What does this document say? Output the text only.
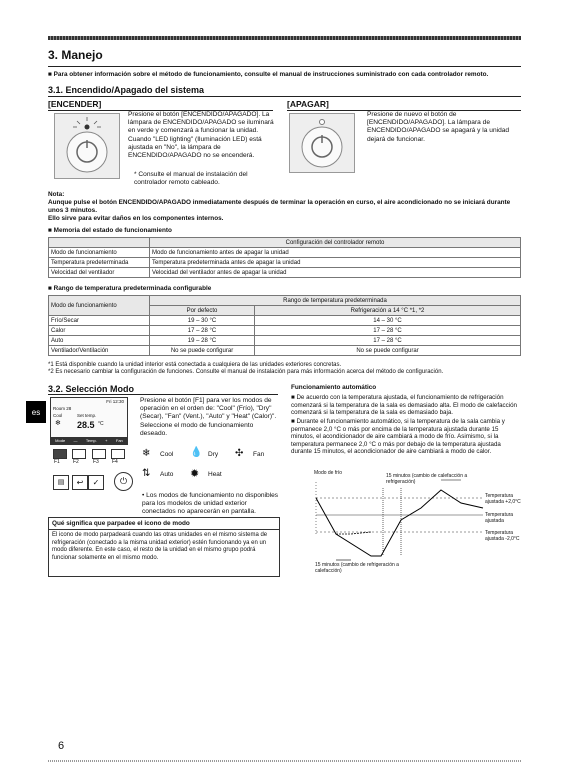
3. Manejo
■ Para obtener información sobre el método de funcionamiento, consulte el manual de instrucciones suministrado con cada controlador remoto.
3.1. Encendido/Apagado del sistema
[ENCENDER]
Presione el botón [ENCENDIDO/APAGADO]. La lámpara de ENCENDIDO/APAGADO se iluminará en verde y comenzará a funcionar la unidad. Cuando "LED lighting" (Iluminación LED) está ajustada en "No", la lámpara de ENCENDIDO/APAGADO no se encenderá.
* Consulte el manual de instalación del controlador remoto cableado.
[APAGAR]
Presione de nuevo el botón de [ENCENDIDO/APAGADO]. La lámpara de ENCENDIDO/APAGADO se apagará y la unidad dejará de funcionar.
Nota:
Aunque pulse el botón ENCENDIDO/APAGADO inmediatamente después de terminar la operación en curso, el aire acondicionado no se iniciará durante unos 3 minutos.
Ello sirve para evitar daños en los componentes internos.
■ Memoria del estado de funcionamiento
	Configuración del controlador remoto
Modo de funcionamiento	Modo de funcionamiento antes de apagar la unidad
Temperatura predeterminada	Temperatura predeterminada antes de apagar la unidad
Velocidad del ventilador	Velocidad del ventilador antes de apagar la unidad
■ Rango de temperatura predeterminada configurable
Modo de funcionamiento	Rango de temperatura predeterminada	
	Por defecto	Refrigeración a 14 °C *1, *2
Frío/Secar	19 – 30 °C	14 – 30 °C
Calor	17 – 28 °C	17 – 28 °C
Auto	19 – 28 °C	17 – 28 °C
Ventilador/Ventilación	No se puede configurar	No se puede configurar
*1 Está disponible cuando la unidad interior está conectada a cualquiera de las unidades exteriores concretas.
*2 Es necesario cambiar la configuración de funciones. Consulte el manual de instalación para más información acerca del método de configuración.
es
3.2. Selección Modo
Fri 12:30
Room 28
Cool
❄
Set temp.
28.5 °C
Mode — Temp. + Fan
F1	F2	F3	F4
▤	↩	✓	⏻
Presione el botón [F1] para ver los modos de operación en el orden de: "Cool" (Frío), "Dry" (Secar), "Fan" (Vent.), "Auto" y "Heat" (Calor)". Seleccione el modo de funcionamiento deseado.
❄ Cool 💧 Dry ✣ Fan
⇅ Auto ✹ Heat
• Los modos de funcionamiento no disponibles para los modelos de unidad exterior conectados no aparecerán en pantalla.
Qué significa que parpadee el icono de modo
El icono de modo parpadeará cuando las otras unidades en el mismo sistema de refrigeración (conectado a la misma unidad exterior) estén funcionando ya en un modo diferente. En este caso, el resto de la unidad en el mismo grupo podrá funcionar solamente en el mismo modo.
Funcionamiento automático
■ De acuerdo con la temperatura ajustada, el funcionamiento de refrigeración comenzará si la temperatura de la sala es demasiado alta. El modo de calefacción comenzará si la temperatura de la sala es demasiado baja.
■ Durante el funcionamiento automático, si la temperatura de la sala cambia y permanece 2,0 °C o más por encima de la temperatura ajustada durante 15 minutos, el acondicionador de aire cambiará a modo de frío. Asimismo, si la temperatura permanece 2,0 °C o más por debajo de la temperatura ajustada durante 15 minutos, el acondicionador de aire cambiará a modo de calor.
Modo de frío	15 minutos (cambio de calefacción a refrigeración)
Temperatura ajustada +2,0°C
Temperatura ajustada
Temperatura ajustada -2,0°C
15 minutos (cambio de refrigeración a calefacción)
6
